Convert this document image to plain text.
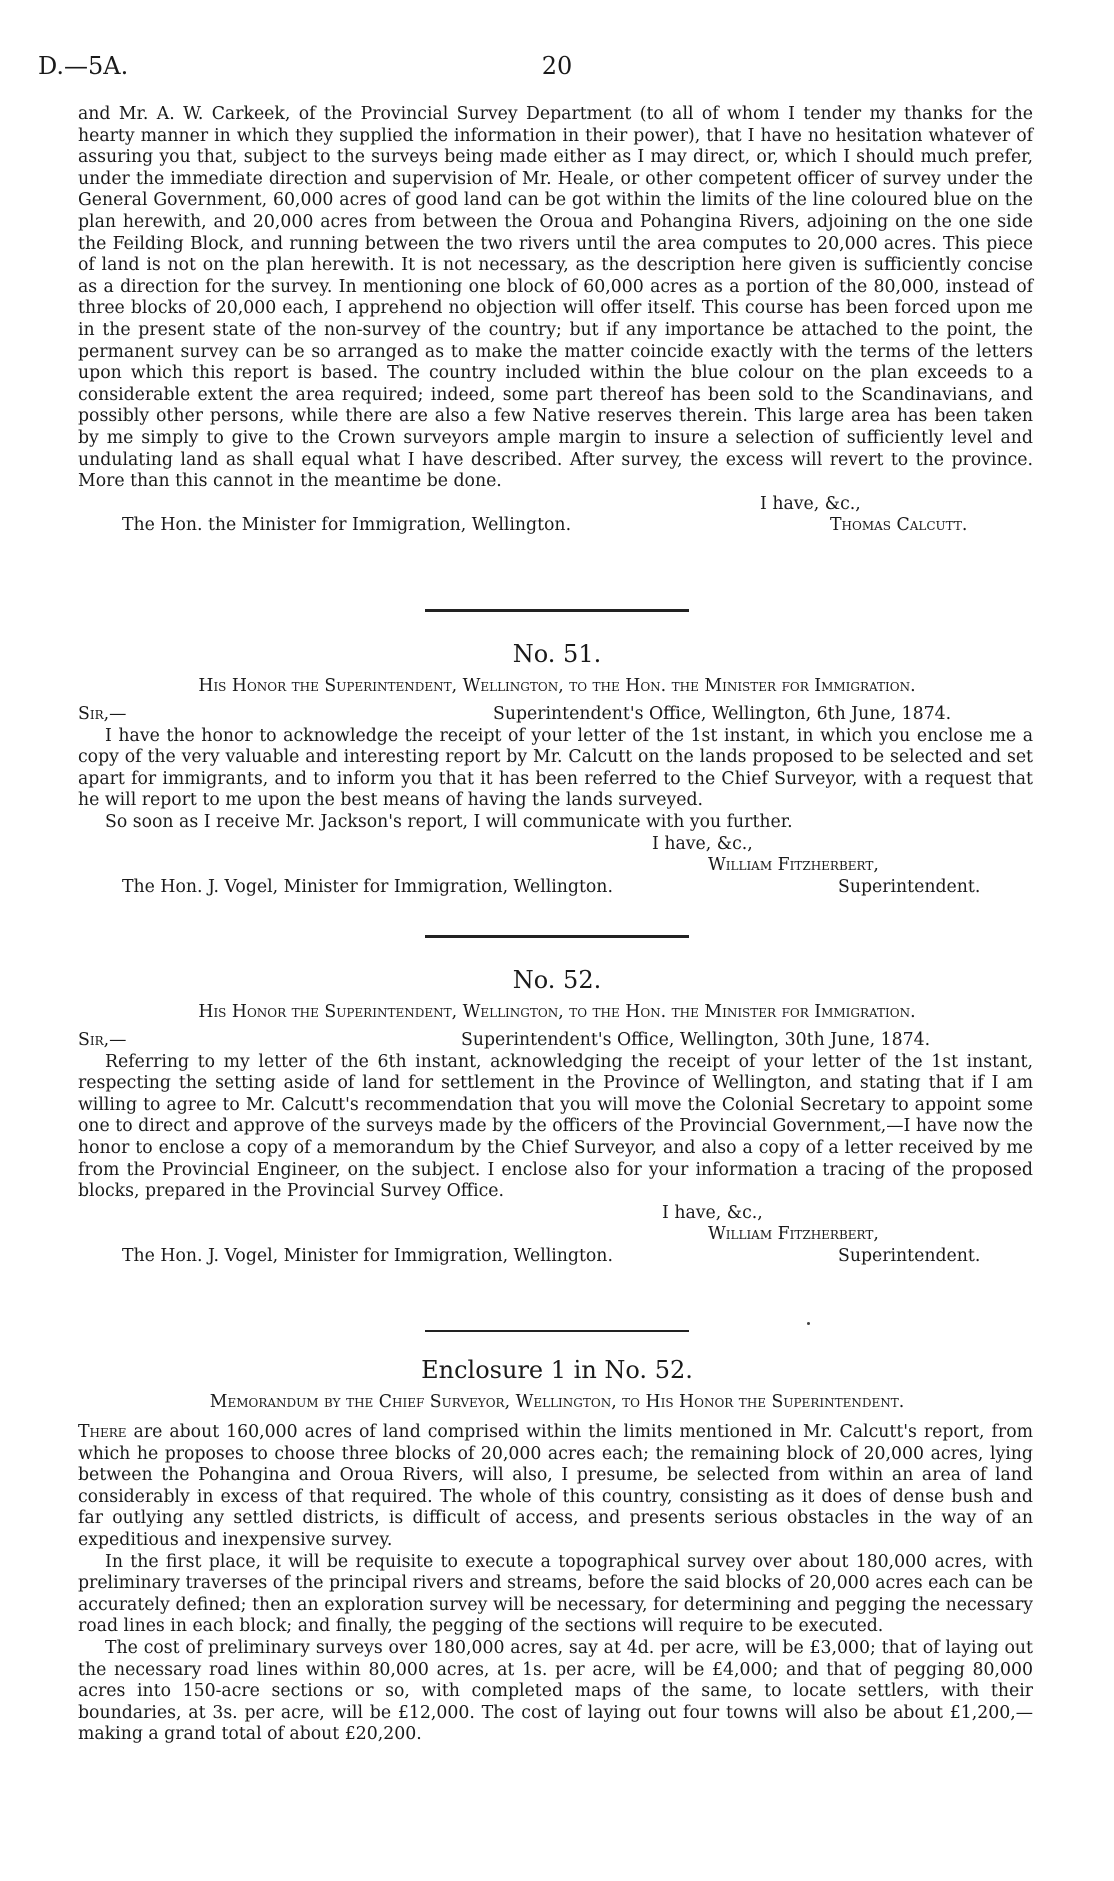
D.—5A.	20

and Mr. A. W. Carkeek, of the Provincial Survey Department (to all of whom I tender my thanks for the hearty manner in which they supplied the information in their power), that I have no hesitation whatever of assuring you that, subject to the surveys being made either as I may direct, or, which I should much prefer, under the immediate direction and supervision of Mr. Heale, or other competent officer of survey under the General Government, 60,000 acres of good land can be got within the limits of the line coloured blue on the plan herewith, and 20,000 acres from between the Oroua and Pohangina Rivers, adjoining on the one side the Feilding Block, and running between the two rivers until the area computes to 20,000 acres. This piece of land is not on the plan herewith. It is not necessary, as the description here given is sufficiently concise as a direction for the survey. In mentioning one block of 60,000 acres as a portion of the 80,000, instead of three blocks of 20,000 each, I apprehend no objection will offer itself. This course has been forced upon me in the present state of the non-survey of the country; but if any importance be attached to the point, the permanent survey can be so arranged as to make the matter coincide exactly with the terms of the letters upon which this report is based. The country included within the blue colour on the plan exceeds to a considerable extent the area required; indeed, some part thereof has been sold to the Scandinavians, and possibly other persons, while there are also a few Native reserves therein. This large area has been taken by me simply to give to the Crown surveyors ample margin to insure a selection of sufficiently level and undulating land as shall equal what I have described. After survey, the excess will revert to the province. More than this cannot in the meantime be done.

I have, &c.,
The Hon. the Minister for Immigration, Wellington.	Thomas Calcutt.
No. 51.
His Honor the Superintendent, Wellington, to the Hon. the Minister for Immigration.
Sir,—	Superintendent's Office, Wellington, 6th June, 1874.

I have the honor to acknowledge the receipt of your letter of the 1st instant, in which you enclose me a copy of the very valuable and interesting report by Mr. Calcutt on the lands proposed to be selected and set apart for immigrants, and to inform you that it has been referred to the Chief Surveyor, with a request that he will report to me upon the best means of having the lands surveyed.

So soon as I receive Mr. Jackson's report, I will communicate with you further.

I have, &c.,
William Fitzherbert,
The Hon. J. Vogel, Minister for Immigration, Wellington.	Superintendent.
No. 52.
His Honor the Superintendent, Wellington, to the Hon. the Minister for Immigration.
Sir,—	Superintendent's Office, Wellington, 30th June, 1874.

Referring to my letter of the 6th instant, acknowledging the receipt of your letter of the 1st instant, respecting the setting aside of land for settlement in the Province of Wellington, and stating that if I am willing to agree to Mr. Calcutt's recommendation that you will move the Colonial Secretary to appoint some one to direct and approve of the surveys made by the officers of the Provincial Government,—I have now the honor to enclose a copy of a memorandum by the Chief Surveyor, and also a copy of a letter received by me from the Provincial Engineer, on the subject. I enclose also for your information a tracing of the proposed blocks, prepared in the Provincial Survey Office.

I have, &c.,
William Fitzherbert,
The Hon. J. Vogel, Minister for Immigration, Wellington.	Superintendent.
Enclosure 1 in No. 52.
Memorandum by the Chief Surveyor, Wellington, to His Honor the Superintendent.

There are about 160,000 acres of land comprised within the limits mentioned in Mr. Calcutt's report, from which he proposes to choose three blocks of 20,000 acres each; the remaining block of 20,000 acres, lying between the Pohangina and Oroua Rivers, will also, I presume, be selected from within an area of land considerably in excess of that required. The whole of this country, consisting as it does of dense bush and far outlying any settled districts, is difficult of access, and presents serious obstacles in the way of an expeditious and inexpensive survey.

In the first place, it will be requisite to execute a topographical survey over about 180,000 acres, with preliminary traverses of the principal rivers and streams, before the said blocks of 20,000 acres each can be accurately defined; then an exploration survey will be necessary, for determining and pegging the necessary road lines in each block; and finally, the pegging of the sections will require to be executed.

The cost of preliminary surveys over 180,000 acres, say at 4d. per acre, will be £3,000; that of laying out the necessary road lines within 80,000 acres, at 1s. per acre, will be £4,000; and that of pegging 80,000 acres into 150-acre sections or so, with completed maps of the same, to locate settlers, with their boundaries, at 3s. per acre, will be £12,000. The cost of laying out four towns will also be about £1,200,—making a grand total of about £20,200.
